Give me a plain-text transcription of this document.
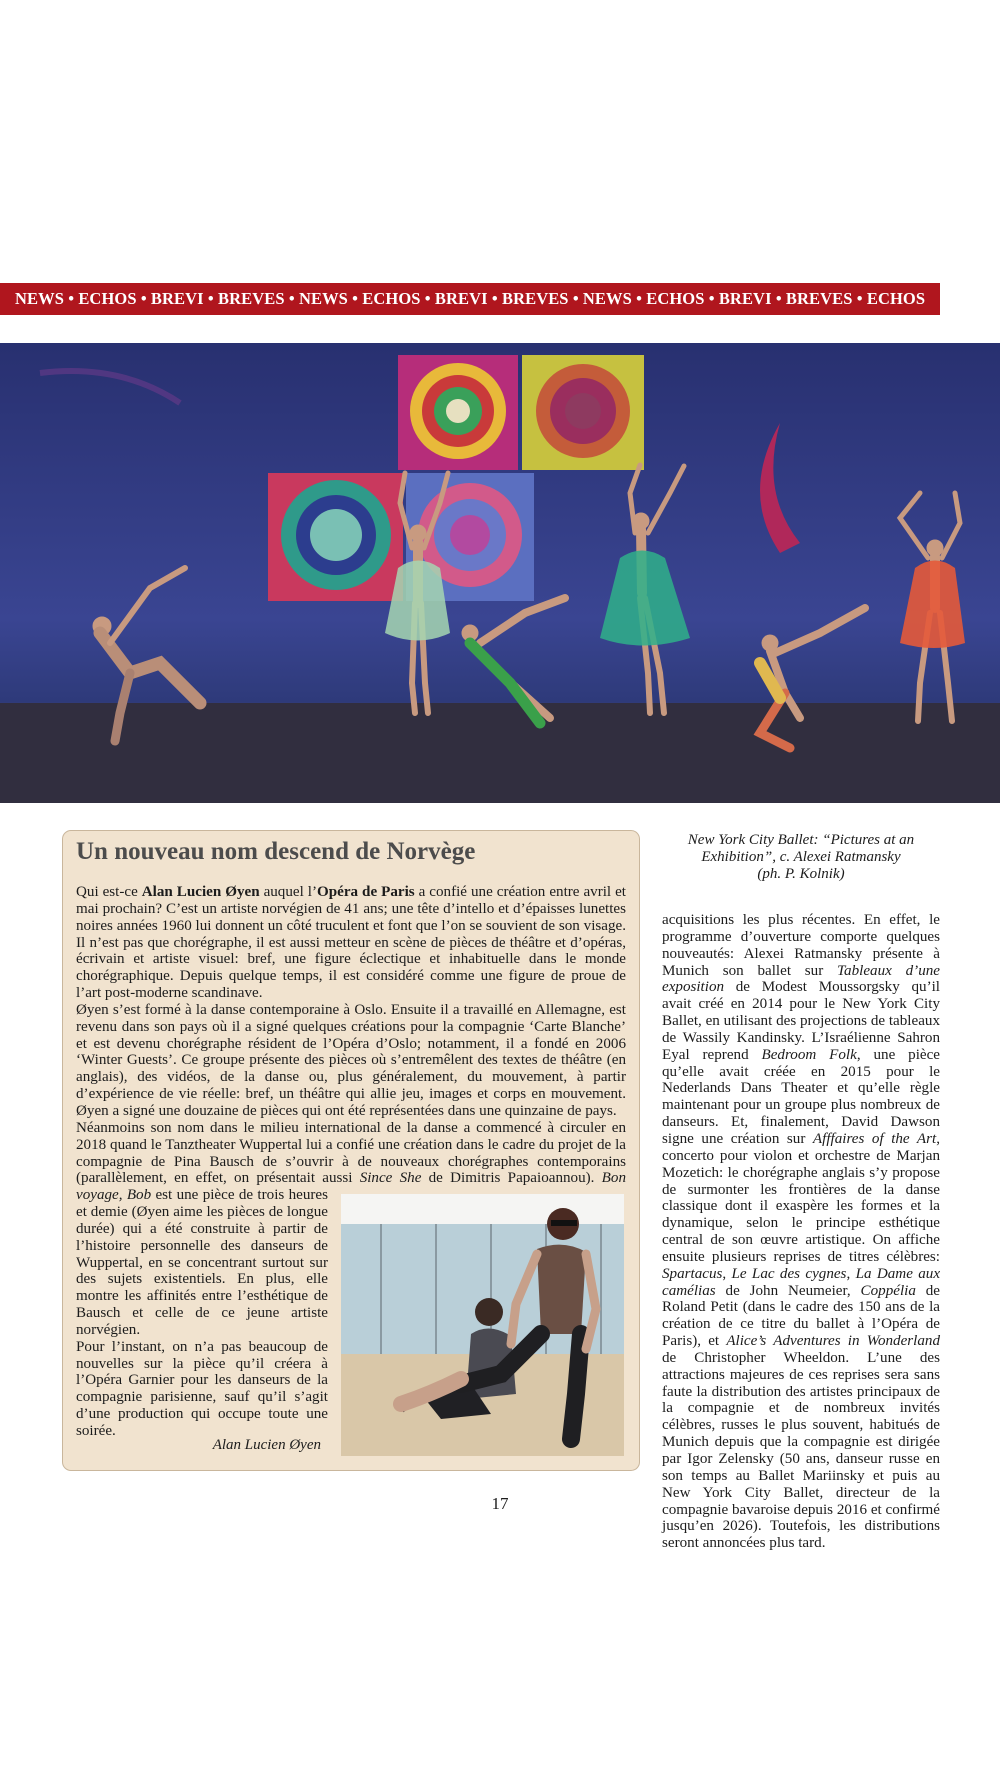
NEWS • ECHOS • BREVI • BREVES • NEWS • ECHOS • BREVI • BREVES • NEWS • ECHOS • BREVI • BREVES • ECHOS
Un nouveau nom descend de Norvège

Qui est-ce Alan Lucien Øyen auquel l’Opéra de Paris a confié une création entre avril et mai prochain? C’est un artiste norvégien de 41 ans; une tête d’intello et d’épaisses lunettes noires années 1960 lui donnent un côté truculent et font que l’on se souvient de son visage. Il n’est pas que chorégraphe, il est aussi metteur en scène de pièces de théâtre et d’opéras, écrivain et artiste visuel: bref, une figure éclectique et inhabituelle dans le monde chorégraphique. Depuis quelque temps, il est considéré comme une figure de proue de l’art post-moderne scandinave.

Øyen s’est formé à la danse contemporaine à Oslo. Ensuite il a travaillé en Allemagne, est revenu dans son pays où il a signé quelques créations pour la compagnie ‘Carte Blanche’ et est devenu chorégraphe résident de l’Opéra d’Oslo; notamment, il a fondé en 2006 ‘Winter Guests’. Ce groupe présente des pièces où s’entremêlent des textes de théâtre (en anglais), des vidéos, de la danse ou, plus généralement, du mouvement, à partir d’expérience de vie réelle: bref, un théâtre qui allie jeu, images et corps en mouvement. Øyen a signé une douzaine de pièces qui ont été représentées dans une quinzaine de pays.

Néanmoins son nom dans le milieu international de la danse a commencé à circuler en 2018 quand le Tanztheater Wuppertal lui a confié une création dans le cadre du projet de la compagnie de Pina Bausch de s’ouvrir à de nouveaux chorégraphes contemporains (parallèlement, en effet, on présentait aussi Since She de Dimitris Papaioannou). Bon voyage, Bob
est une pièce de trois heures et demie (Øyen aime les pièces de longue durée) qui a été construite à partir de l’histoire personnelle des danseurs de Wuppertal, en se concentrant surtout sur des sujets existentiels. En plus, elle montre les affinités entre l’esthétique de Bausch et celle de ce jeune artiste norvégien.

Pour l’instant, on n’a pas beaucoup de nouvelles sur la pièce qu’il créera à l’Opéra Garnier pour les danseurs de la compagnie parisienne, sauf qu’il s’agit d’une production qui occupe toute une soirée.

Alan Lucien Øyen
New York City Ballet: “Pictures at an
Exhibition”, c. Alexei Ratmansky
(ph. P. Kolnik)

acquisitions les plus récentes. En effet, le programme d’ouverture comporte quelques nouveautés: Alexei Ratmansky présente à Munich son ballet sur Tableaux d’une exposition de Modest Moussorgsky qu’il avait créé en 2014 pour le New York City Ballet, en utilisant des projections de tableaux de Wassily Kandinsky. L’Israélienne Sahron Eyal reprend Bedroom Folk, une pièce qu’elle avait créée en 2015 pour le Nederlands Dans Theater et qu’elle règle maintenant pour un groupe plus nombreux de danseurs. Et, finalement, David Dawson signe une création sur Afffaires of the Art, concerto pour violon et orchestre de Marjan Mozetich: le chorégraphe anglais s’y propose de surmonter les frontières de la danse classique dont il exaspère les formes et la dynamique, selon le principe esthétique central de son œuvre artistique. On affiche ensuite plusieurs reprises de titres célèbres: Spartacus, Le Lac des cygnes, La Dame aux camélias de John Neumeier, Coppélia de Roland Petit (dans le cadre des 150 ans de la création de ce titre du ballet à l’Opéra de Paris), et Alice’s Adventures in Wonderland de Christopher Wheeldon. L’une des attractions majeures de ces reprises sera sans faute la distribution des artistes principaux de la compagnie et de nombreux invités célèbres, russes le plus souvent, habitués de Munich depuis que la compagnie est dirigée par Igor Zelensky (50 ans, danseur russe en son temps au Ballet Mariinsky et puis au New York City Ballet, directeur de la compagnie bavaroise depuis 2016 et confirmé jusqu’en 2026). Toutefois, les distributions seront annoncées plus tard.

17
